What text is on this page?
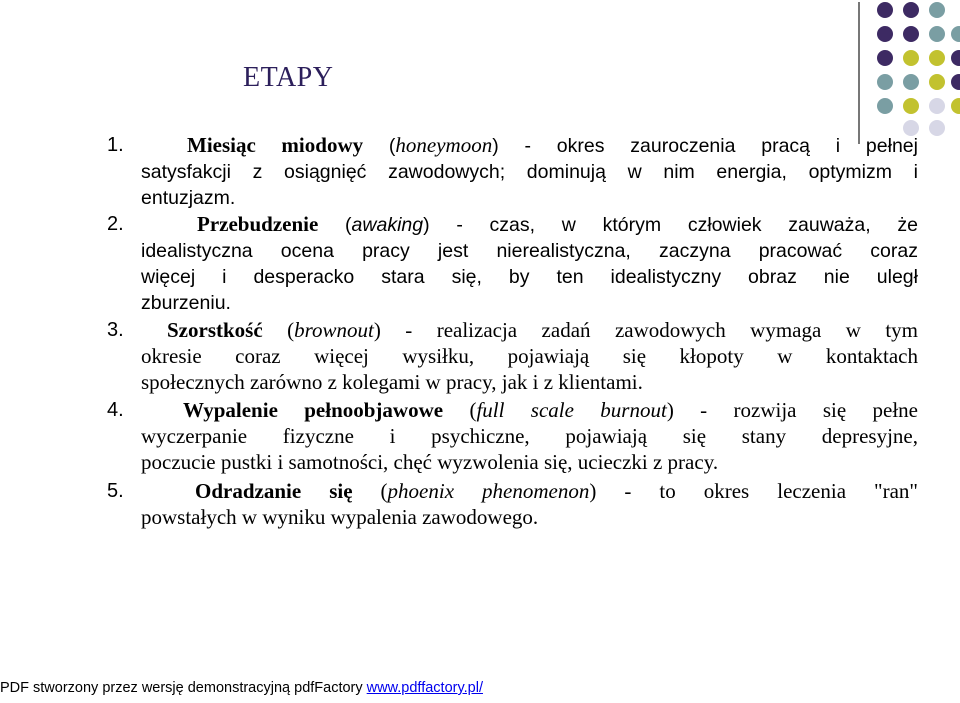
ETAPY
1.	Miesiąc miodowy (honeymoon) - okres zauroczenia pracą i pełnej
satysfakcji z osiągnięć zawodowych; dominują w nim energia, optymizm i
entuzjazm.
2.	Przebudzenie (awaking) - czas, w którym człowiek zauważa, że
idealistyczna ocena pracy jest nierealistyczna, zaczyna pracować coraz
więcej i desperacko stara się, by ten idealistyczny obraz nie uległ
zburzeniu.
3.	Szorstkość (brownout) - realizacja zadań zawodowych wymaga w tym
okresie coraz więcej wysiłku, pojawiają się kłopoty w kontaktach
społecznych zarówno z kolegami w pracy, jak i z klientami.
4.	Wypalenie pełnoobjawowe (full scale burnout) - rozwija się pełne
wyczerpanie fizyczne i psychiczne, pojawiają się stany depresyjne,
poczucie pustki i samotności, chęć wyzwolenia się, ucieczki z pracy.
5.	Odradzanie się (phoenix phenomenon) - to okres leczenia "ran"
powstałych w wyniku wypalenia zawodowego.
PDF stworzony przez wersję demonstracyjną pdfFactory www.pdffactory.pl/
